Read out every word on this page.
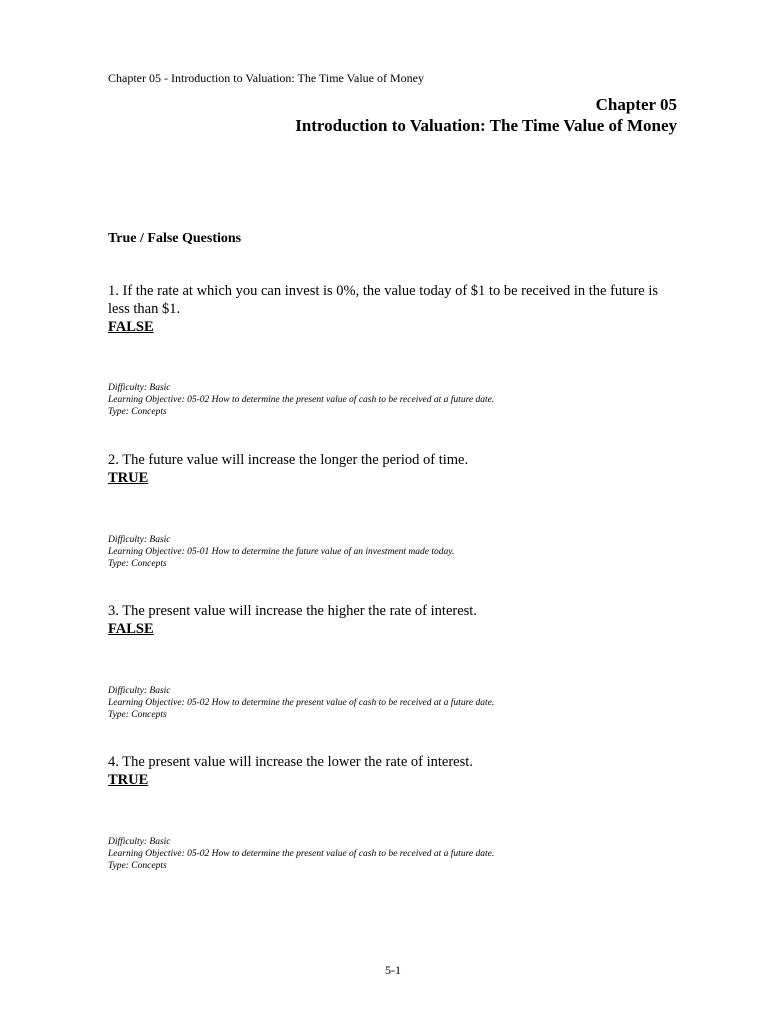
Chapter 05 - Introduction to Valuation: The Time Value of Money
Chapter 05
Introduction to Valuation: The Time Value of Money
True / False Questions
1. If the rate at which you can invest is 0%, the value today of $1 to be received in the future is less than $1.
FALSE
Difficulty: Basic
Learning Objective: 05-02 How to determine the present value of cash to be received at a future date.
Type: Concepts
2. The future value will increase the longer the period of time.
TRUE
Difficulty: Basic
Learning Objective: 05-01 How to determine the future value of an investment made today.
Type: Concepts
3. The present value will increase the higher the rate of interest.
FALSE
Difficulty: Basic
Learning Objective: 05-02 How to determine the present value of cash to be received at a future date.
Type: Concepts
4. The present value will increase the lower the rate of interest.
TRUE
Difficulty: Basic
Learning Objective: 05-02 How to determine the present value of cash to be received at a future date.
Type: Concepts
5-1
